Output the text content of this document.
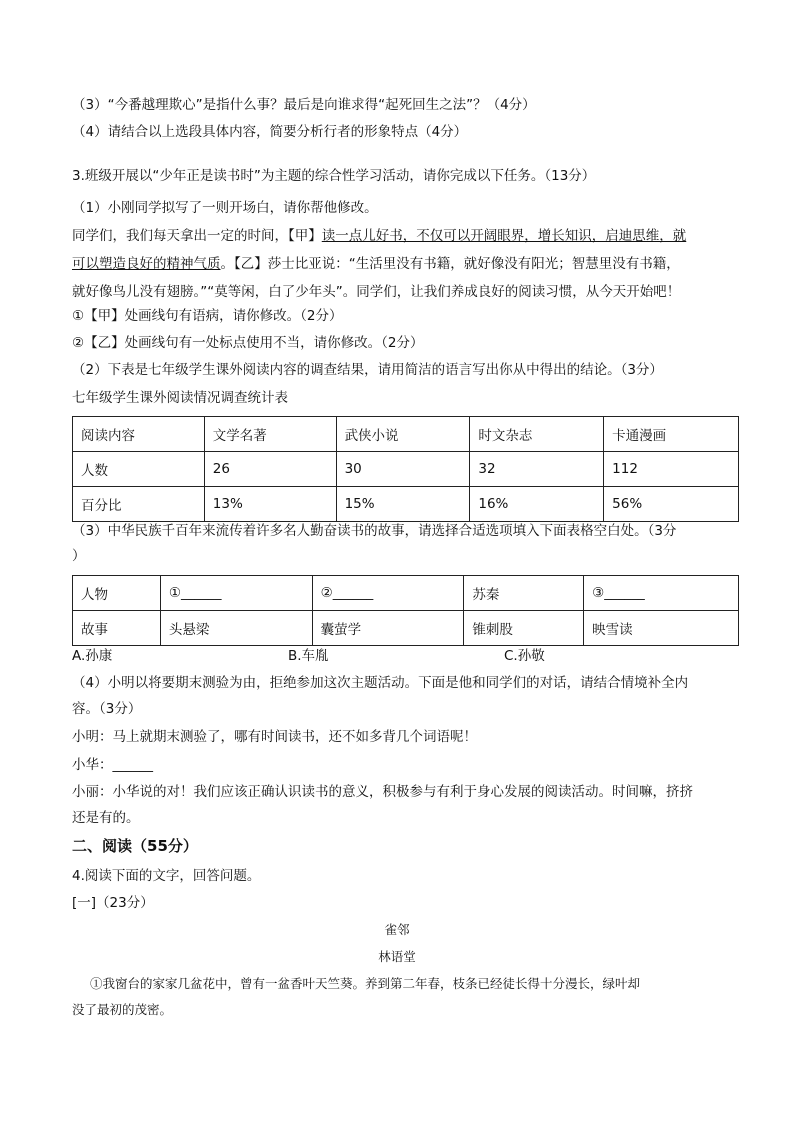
（3）“今番越理欺心”是指什么事？最后是向谁求得“起死回生之法”？（4分）
（4）请结合以上选段具体内容，简要分析行者的形象特点（4分）
3.班级开展以“少年正是读书时”为主题的综合性学习活动，请你完成以下任务。（13分）
（1）小刚同学拟写了一则开场白，请你帮他修改。
同学们，我们每天拿出一定的时间，【甲】读一点儿好书，不仅可以开阔眼界，增长知识，启迪思维，就
可以塑造良好的精神气质。【乙】莎士比亚说：“生活里没有书籍，就好像没有阳光；智慧里没有书籍，
就好像鸟儿没有翅膀。”“莫等闲，白了少年头”。同学们，让我们养成良好的阅读习惯，从今天开始吧！
①【甲】处画线句有语病，请你修改。（2分）
②【乙】处画线句有一处标点使用不当，请你修改。（2分）
（2）下表是七年级学生课外阅读内容的调查结果，请用简洁的语言写出你从中得出的结论。（3分）
七年级学生课外阅读情况调查统计表
阅读内容	文学名著	武侠小说	时文杂志	卡通漫画
人数	26	30	32	112
百分比	13%	15%	16%	56%
（3）中华民族千百年来流传着许多名人勤奋读书的故事，请选择合适选项填入下面表格空白处。（3分
）
人物	①______	②______	苏秦	③______
故事	头悬梁	囊萤学	锥刺股	映雪读
A.孙康	B.车胤	C.孙敬
（4）小明以将要期末测验为由，拒绝参加这次主题活动。下面是他和同学们的对话，请结合情境补全内
容。（3分）
小明：马上就期末测验了，哪有时间读书，还不如多背几个词语呢！
小华：______
小丽：小华说的对！我们应该正确认识读书的意义，积极参与有利于身心发展的阅读活动。时间嘛，挤挤
还是有的。
二、阅读（55分）
4.阅读下面的文字，回答问题。
[一]（23分）
雀邻
林语堂
①我窗台的家家几盆花中，曾有一盆香叶天竺葵。养到第二年春，枝条已经徒长得十分漫长，绿叶却
没了最初的茂密。
